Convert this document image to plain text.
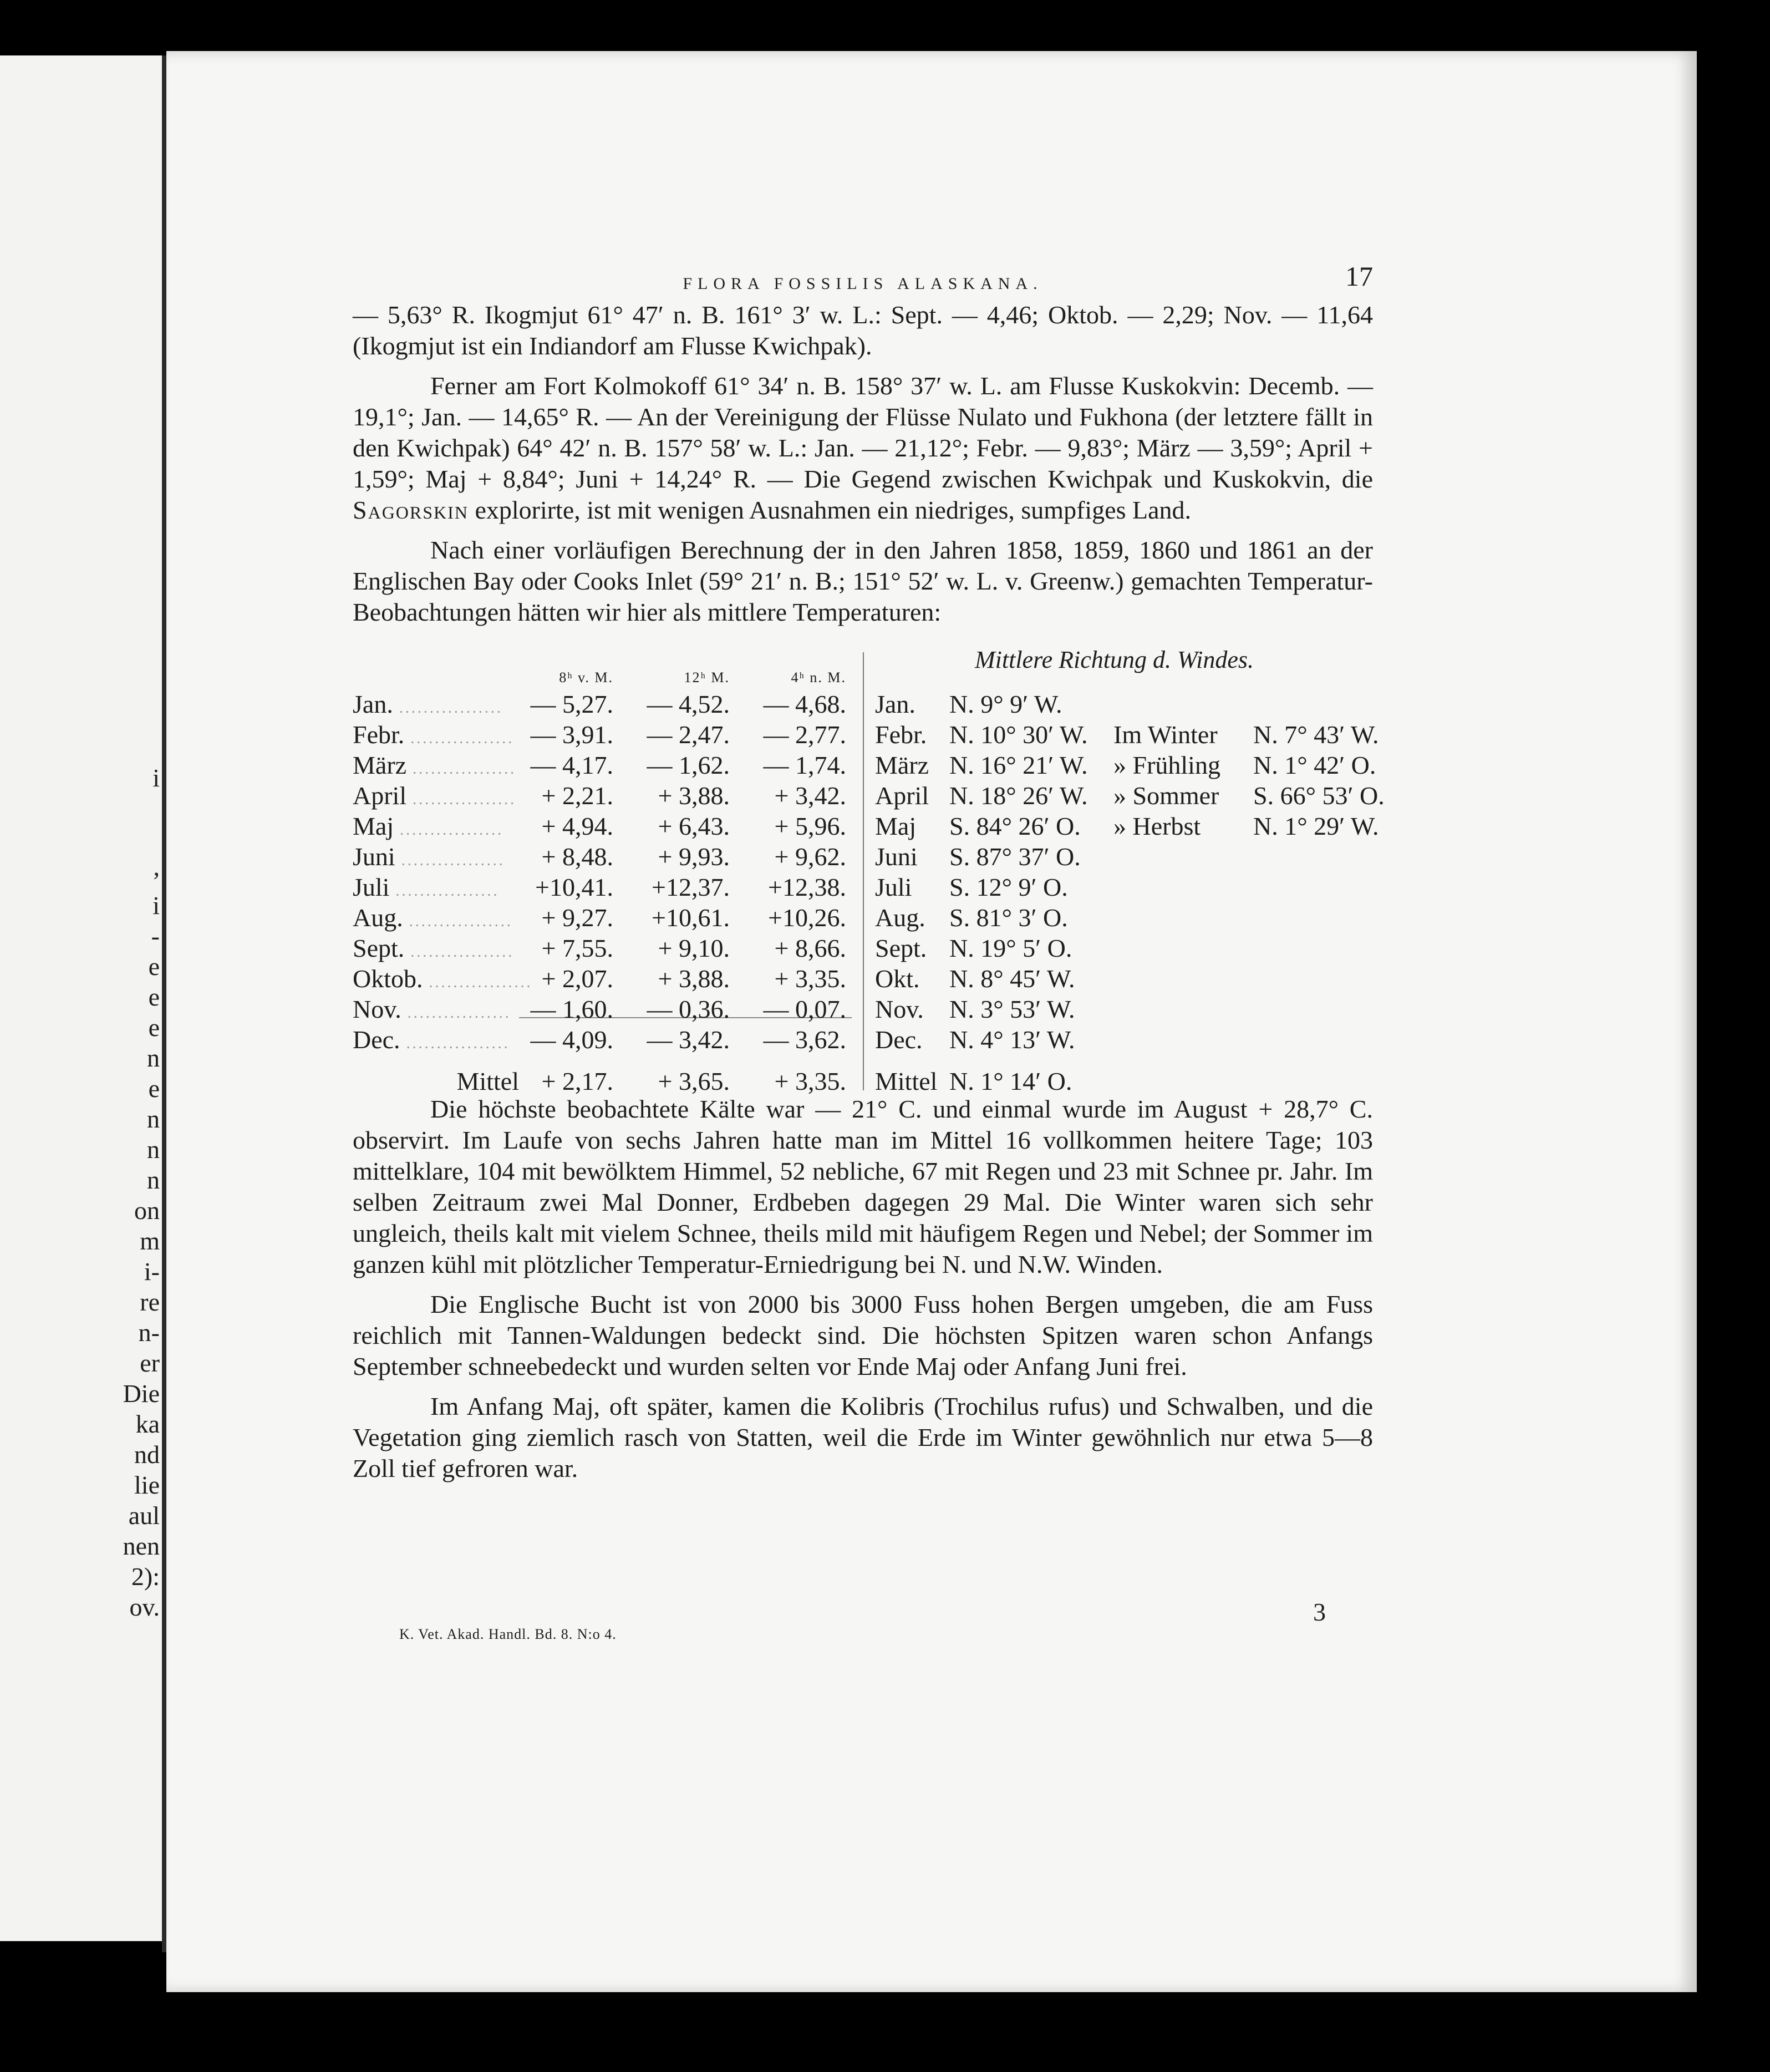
i
,
i
-
e
e
e
n
e
n
n
n
on
m
i-
re
n-
er
Die
ka
nd
lie
aul
nen
2):
ov.
FLORA FOSSILIS ALASKANA.	17

— 5,63° R. Ikogmjut 61° 47′ n. B. 161° 3′ w. L.: Sept. — 4,46; Oktob. — 2,29; Nov. — 11,64 (Ikogmjut ist ein Indiandorf am Flusse Kwichpak).

Ferner am Fort Kolmokoff 61° 34′ n. B. 158° 37′ w. L. am Flusse Kuskokvin: Decemb. — 19,1°; Jan. — 14,65° R. — An der Vereinigung der Flüsse Nulato und Fukhona (der letztere fällt in den Kwichpak) 64° 42′ n. B. 157° 58′ w. L.: Jan. — 21,12°; Febr. — 9,83°; März — 3,59°; April + 1,59°; Maj + 8,84°; Juni + 14,24° R. — Die Gegend zwischen Kwichpak und Kuskokvin, die Sagorskin explorirte, ist mit wenigen Ausnahmen ein niedriges, sumpfiges Land.

Nach einer vorläufigen Berechnung der in den Jahren 1858, 1859, 1860 und 1861 an der Englischen Bay oder Cooks Inlet (59° 21′ n. B.; 151° 52′ w. L. v. Greenw.) gemachten Temperatur-Beobachtungen hätten wir hier als mittlere Temperaturen:

8ʰ v. M.	12ʰ M.	4ʰ n. M.
Jan. .................	— 5,27.	— 4,52.	— 4,68.
Febr. ................. — 3,91.	— 2,47.	— 2,77.
März ................. — 4,17.	— 1,62.	— 1,74.
April ................. + 2,21.	+ 3,88.	+ 3,42.
Maj .................	+ 4,94.	+ 6,43.	+ 5,96.
Juni .................	+ 8,48.	+ 9,93.	+ 9,62.
Juli .................	+10,41.	+12,37.	+12,38.
Aug. .................	+ 9,27.	+10,61.	+10,26.
Sept. .................	+ 7,55.	+ 9,10.	+ 8,66.
Oktob. ................. + 2,07.	+ 3,88.	+ 3,35.
Nov. ................. — 1,60.	— 0,36.	— 0,07.
Dec. ................. — 4,09.	— 3,42.	— 3,62.
Mittel + 2,17.	+ 3,65.	+ 3,35.
Mittlere Richtung d. Windes.
Jan.	N. 9° 9′ W.
Febr. N. 10° 30′ W. Im Winter N. 7° 43′ W.
März N. 16° 21′ W. » Frühling N. 1° 42′ O.
April N. 18° 26′ W. » Sommer S. 66° 53′ O.
Maj	S. 84° 26′ O. » Herbst N. 1° 29′ W.
Juni	S. 87° 37′ O.
Juli	S. 12° 9′ O.
Aug. S. 81° 3′ O.
Sept. N. 19° 5′ O.
Okt.	N. 8° 45′ W.
Nov.	N. 3° 53′ W.
Dec.	N. 4° 13′ W.
Mittel N. 1° 14′ O.

Die höchste beobachtete Kälte war — 21° C. und einmal wurde im August + 28,7° C. observirt. Im Laufe von sechs Jahren hatte man im Mittel 16 vollkommen heitere Tage; 103 mittelklare, 104 mit bewölktem Himmel, 52 nebliche, 67 mit Regen und 23 mit Schnee pr. Jahr. Im selben Zeitraum zwei Mal Donner, Erdbeben dagegen 29 Mal. Die Winter waren sich sehr ungleich, theils kalt mit vielem Schnee, theils mild mit häufigem Regen und Nebel; der Sommer im ganzen kühl mit plötzlicher Temperatur-Erniedrigung bei N. und N.W. Winden.

Die Englische Bucht ist von 2000 bis 3000 Fuss hohen Bergen umgeben, die am Fuss reichlich mit Tannen-Waldungen bedeckt sind. Die höchsten Spitzen waren schon Anfangs September schneebedeckt und wurden selten vor Ende Maj oder Anfang Juni frei.

Im Anfang Maj, oft später, kamen die Kolibris (Trochilus rufus) und Schwalben, und die Vegetation ging ziemlich rasch von Statten, weil die Erde im Winter gewöhnlich nur etwa 5—8 Zoll tief gefroren war.

K. Vet. Akad. Handl. Bd. 8. N:o 4.
3
